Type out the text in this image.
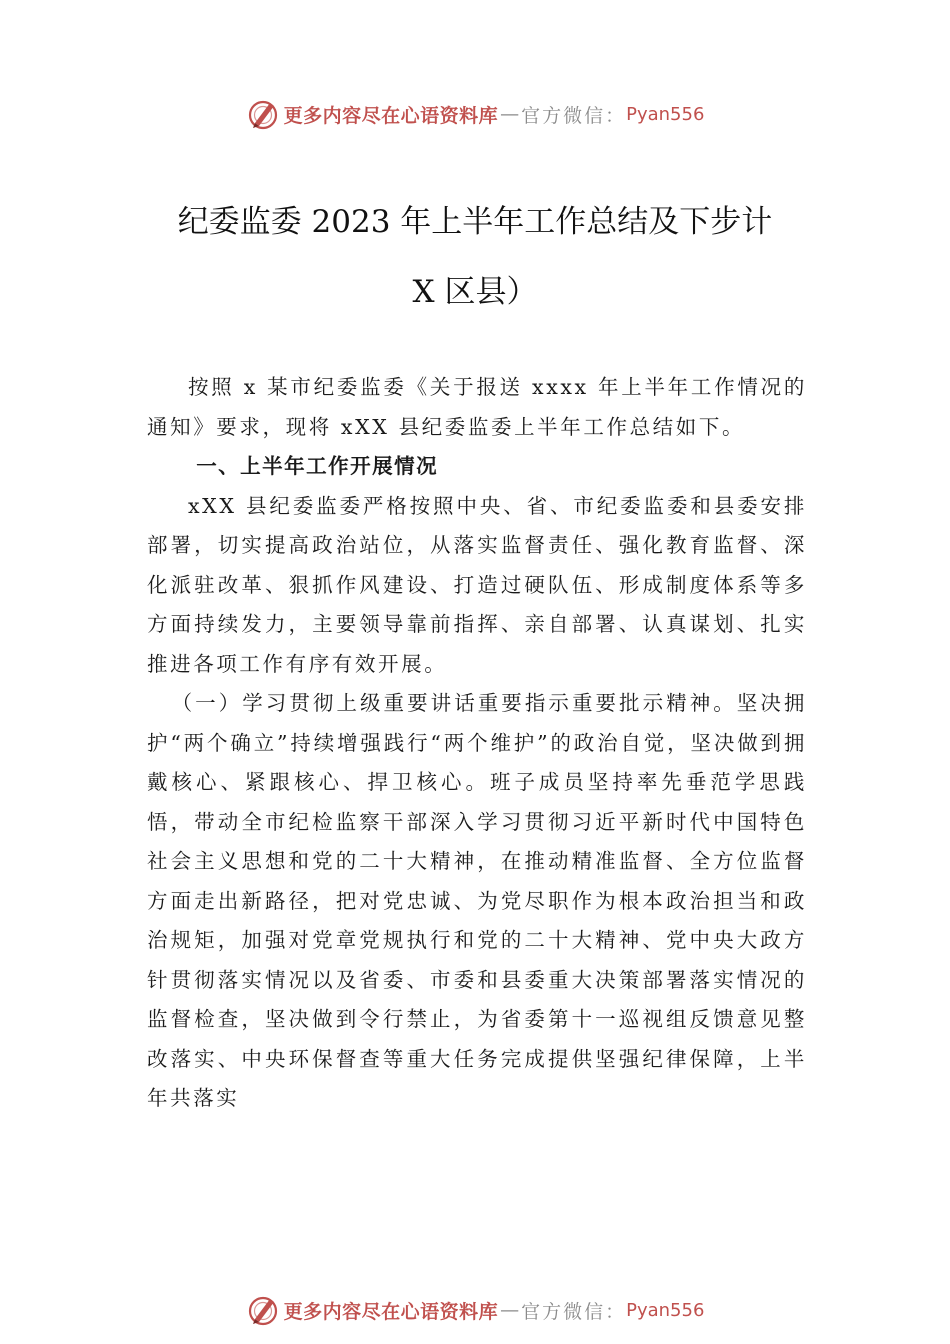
更多内容尽在心语资料库 — 官方微信： Pyan556
纪委监委 2023 年上半年工作总结及下步计
X 区县）

按照 x 某市纪委监委《关于报送 xxxx 年上半年工作情况的通知》要求，现将 xXX 县纪委监委上半年工作总结如下。

一、上半年工作开展情况

xXX 县纪委监委严格按照中央、省、市纪委监委和县委安排部署，切实提高政治站位，从落实监督责任、强化教育监督、深化派驻改革、狠抓作风建设、打造过硬队伍、形成制度体系等多方面持续发力，主要领导靠前指挥、亲自部署、认真谋划、扎实推进各项工作有序有效开展。

（一）学习贯彻上级重要讲话重要指示重要批示精神。坚决拥护“两个确立”持续增强践行“两个维护”的政治自觉，坚决做到拥戴核心、紧跟核心、捍卫核心。班子成员坚持率先垂范学思践悟，带动全市纪检监察干部深入学习贯彻习近平新时代中国特色社会主义思想和党的二十大精神，在推动精准监督、全方位监督方面走出新路径，把对党忠诚、为党尽职作为根本政治担当和政治规矩，加强对党章党规执行和党的二十大精神、党中央大政方针贯彻落实情况以及省委、市委和县委重大决策部署落实情况的监督检查，坚决做到令行禁止，为省委第十一巡视组反馈意见整改落实、中央环保督查等重大任务完成提供坚强纪律保障，上半年共落实

更多内容尽在心语资料库 — 官方微信： Pyan556
